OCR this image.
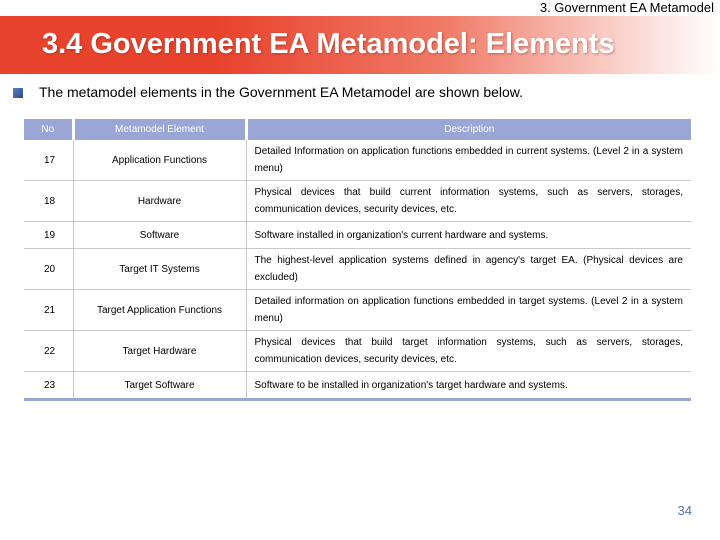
3. Government EA Metamodel
3.4 Government EA Metamodel: Elements
The metamodel elements in the Government EA Metamodel are shown below.
No	Metamodel Element	Description
17	Application Functions	Detailed Information on application functions embedded in current systems. (Level 2 in a system menu)
18	Hardware	Physical devices that build current information systems, such as servers, storages, communication devices, security devices, etc.
19	Software	Software installed in organization's current hardware and systems.
20	Target IT Systems	The highest-level application systems defined in agency's target EA. (Physical devices are excluded)
21	Target Application Functions	Detailed information on application functions embedded in target systems. (Level 2 in a system menu)
22	Target Hardware	Physical devices that build target information systems, such as servers, storages, communication devices, security devices, etc.
23	Target Software	Software to be installed in organization's target hardware and systems.
34
